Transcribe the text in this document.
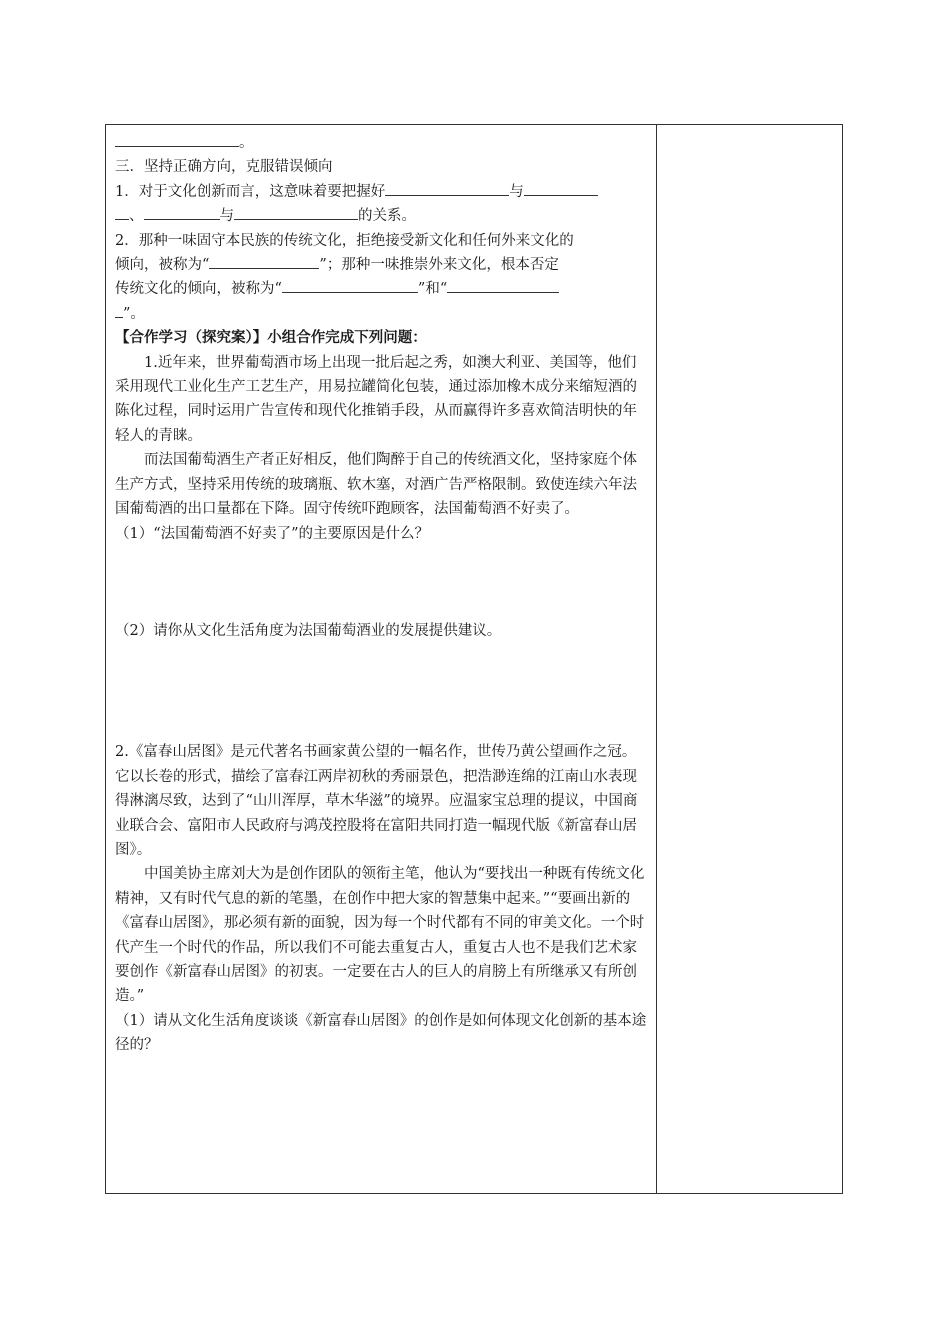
。

三．坚持正确方向，克服错误倾向

1．对于文化创新而言，这意味着要把握好	与

、	与	的关系。

2．那种一味固守本民族的传统文化，拒绝接受新文化和任何外来文化的

倾向，被称为“	”；那种一味推崇外来文化，根本否定

传统文化的倾向，被称为“	”和“

”。

【合作学习（探究案）】小组合作完成下列问题：

1.近年来，世界葡萄酒市场上出现一批后起之秀，如澳大利亚、美国等，他们采用现代工业化生产工艺生产，用易拉罐简化包装，通过添加橡木成分来缩短酒的陈化过程，同时运用广告宣传和现代化推销手段，从而赢得许多喜欢简洁明快的年轻人的青睐。

而法国葡萄酒生产者正好相反，他们陶醉于自己的传统酒文化，坚持家庭个体生产方式，坚持采用传统的玻璃瓶、软木塞，对酒广告严格限制。致使连续六年法国葡萄酒的出口量都在下降。固守传统吓跑顾客，法国葡萄酒不好卖了。

（1）“法国葡萄酒不好卖了”的主要原因是什么？

（2）请你从文化生活角度为法国葡萄酒业的发展提供建议。

2.《富春山居图》是元代著名书画家黄公望的一幅名作，世传乃黄公望画作之冠。它以长卷的形式，描绘了富春江两岸初秋的秀丽景色，把浩渺连绵的江南山水表现得淋漓尽致，达到了“山川浑厚，草木华滋”的境界。应温家宝总理的提议，中国商业联合会、富阳市人民政府与鸿茂控股将在富阳共同打造一幅现代版《新富春山居图》。

中国美协主席刘大为是创作团队的领衔主笔，他认为“要找出一种既有传统文化精神，又有时代气息的新的笔墨，在创作中把大家的智慧集中起来。”“要画出新的《富春山居图》，那必须有新的面貌，因为每一个时代都有不同的审美文化。一个时代产生一个时代的作品，所以我们不可能去重复古人，重复古人也不是我们艺术家要创作《新富春山居图》的初衷。一定要在古人的巨人的肩膀上有所继承又有所创造。”

（1）请从文化生活角度谈谈《新富春山居图》的创作是如何体现文化创新的基本途径的？
